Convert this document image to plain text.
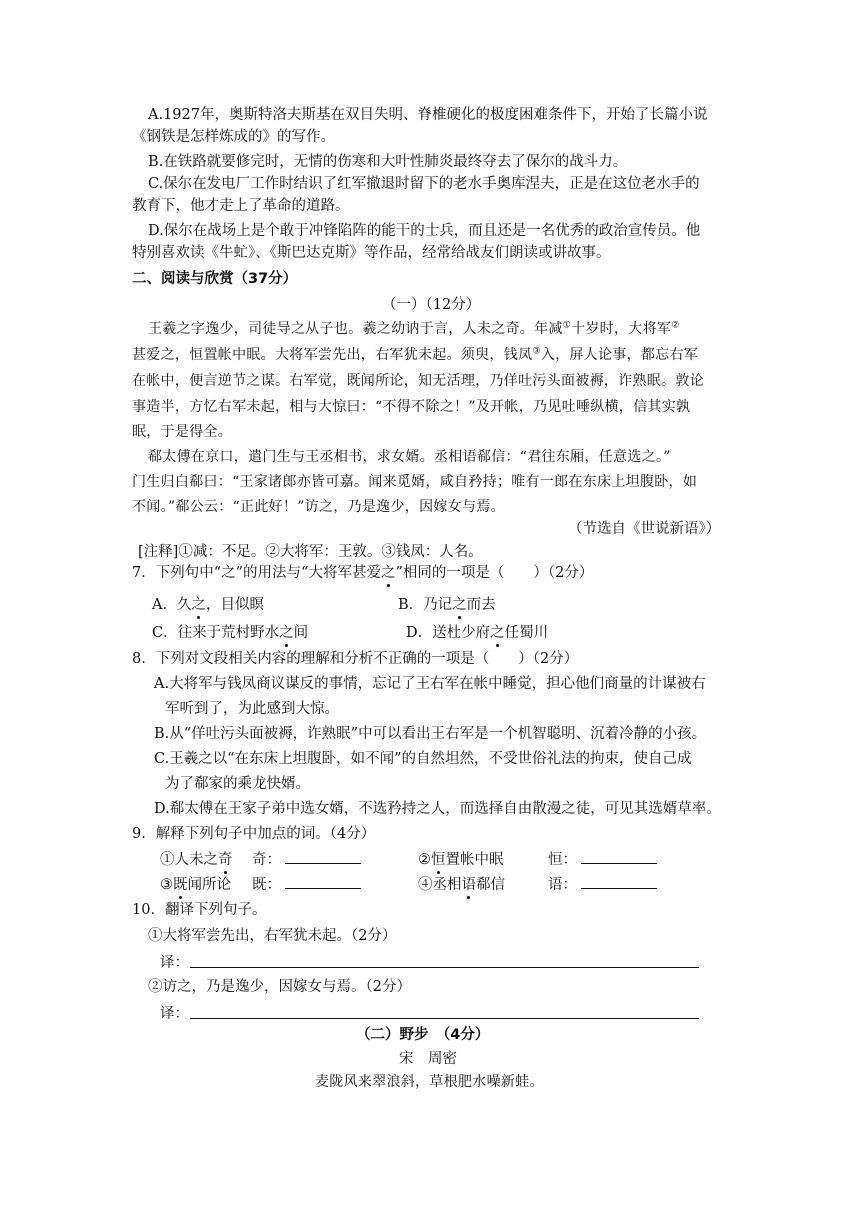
A.1927年，奥斯特洛夫斯基在双目失明、脊椎硬化的极度困难条件下，开始了长篇小说
《钢铁是怎样炼成的》的写作。
B.在铁路就要修完时，无情的伤寒和大叶性肺炎最终夺去了保尔的战斗力。
C.保尔在发电厂工作时结识了红军撤退时留下的老水手奥库涅夫，正是在这位老水手的
教育下，他才走上了革命的道路。
D.保尔在战场上是个敢于冲锋陷阵的能干的士兵，而且还是一名优秀的政治宣传员。他
特别喜欢读《牛虻》、《斯巴达克斯》等作品，经常给战友们朗读或讲故事。
二、阅读与欣赏（37分）
（一）（12分）
王羲之字逸少，司徒导之从子也。羲之幼讷于言，人未之奇。年减①十岁时，大将军②
甚爱之，恒置帐中眠。大将军尝先出，右军犹未起。须臾，钱凤③入，屏人论事，都忘右军
在帐中，便言逆节之谋。右军觉，既闻所论，知无活理，乃佯吐污头面被褥，诈熟眠。敦论
事造半，方忆右军未起，相与大惊曰：“不得不除之！”及开帐，乃见吐唾纵横，信其实孰
眠，于是得全。
郗太傅在京口，遣门生与王丞相书，求女婿。丞相语郗信：“君往东厢，任意选之。”
门生归白郗曰：“王家诸郎亦皆可嘉。闻来觅婿，咸自矜持；唯有一郎在东床上坦腹卧，如
不闻。”郗公云：“正此好！”访之，乃是逸少，因嫁女与焉。
（节选自《世说新语》）
[注释]①减：不足。②大将军：王敦。③钱凤：人名。
7．下列句中“之”的用法与“大将军甚爱之”相同的一项是（　　）（2分）
A．久之，目似瞑	B．乃记之而去
C．往来于荒村野水之间	D．送杜少府之任蜀川
8．下列对文段相关内容的理解和分析不正确的一项是（　　）（2分）
A.大将军与钱凤商议谋反的事情，忘记了王右军在帐中睡觉，担心他们商量的计谋被右
军听到了，为此感到大惊。
B.从“佯吐污头面被褥，诈熟眠”中可以看出王右军是一个机智聪明、沉着冷静的小孩。
C.王羲之以“在东床上坦腹卧，如不闻”的自然坦然，不受世俗礼法的拘束，使自己成
为了郗家的乘龙快婿。
D.郗太傅在王家子弟中选女婿，不选矜持之人，而选择自由散漫之徒，可见其选婿草率。
9．解释下列句子中加点的词。（4分）
①人未之奇 奇：	②恒置帐中眠	恒：
③既闻所论 既：	④丞相语郗信	语：
10．翻译下列句子。
①大将军尝先出，右军犹未起。（2分）
译：
②访之，乃是逸少，因嫁女与焉。（2分）
译：
（二）野步　（4分）
宋　周密
麦陇风来翠浪斜，草根肥水噪新蛙。
